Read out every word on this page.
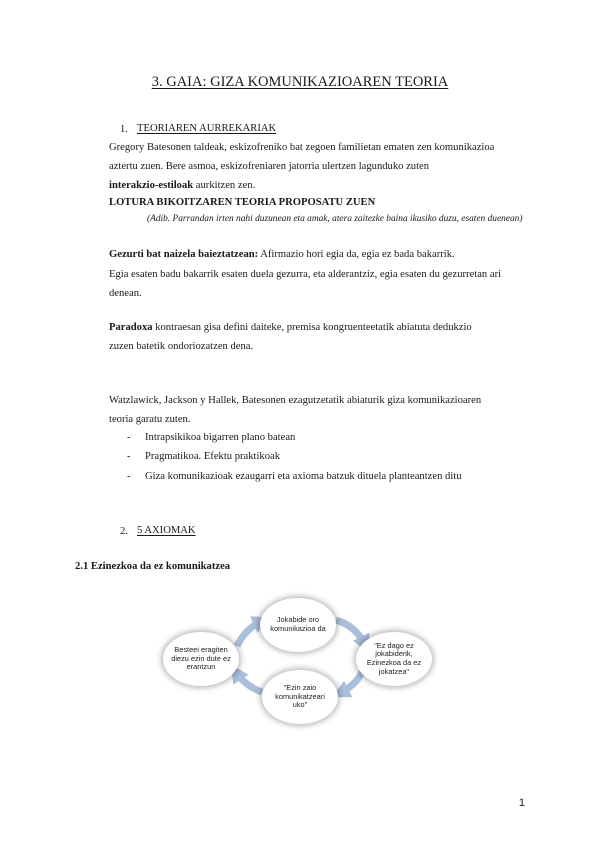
3. GAIA: GIZA KOMUNIKAZIOAREN TEORIA
1. TEORIAREN AURREKARIAK
Gregory Batesonen taldeak, eskizofreniko bat zegoen familietan ematen zen komunikazioa
aztertu zuen. Bere asmoa, eskizofreniaren jatorria ulertzen lagunduko zuten
interakzio-estiloak aurkitzen zen.
LOTURA BIKOITZAREN TEORIA PROPOSATU ZUEN
(Adib. Parrandan irten nahi duzunean eta amak, atera zaitezke baina ikusiko duzu, esaten duenean)
Gezurti bat naizela baieztatzean: Afirmazio hori egia da, egia ez bada bakarrik.
Egia esaten badu bakarrik esaten duela gezurra, eta alderantziz, egia esaten du gezurretan ari
denean.
Paradoxa kontraesan gisa defini daiteke, premisa kongruenteetatik abiatuta dedukzio
zuzen batetik ondoriozatzen dena.
Watzlawick, Jackson y Hallek, Batesonen ezagutzetatik abiaturik giza komunikazioaren
teoria garatu zuten.
- Intrapsikikoa bigarren plano batean
- Pragmatikoa. Efektu praktikoak
- Giza komunikazioak ezaugarri eta axioma batzuk dituela planteantzen ditu
2. 5 AXIOMAK
2.1 Ezinezkoa da ez komunikatzea
Jokabide oro komunikazioa da
"Ez dago ez jokabiderik, Ezinezkoa da ez jokatzea"
"Ezin zaio komunikatzeari uko"
Besteei eragiten diezu ezin dute ez erantzun
1
